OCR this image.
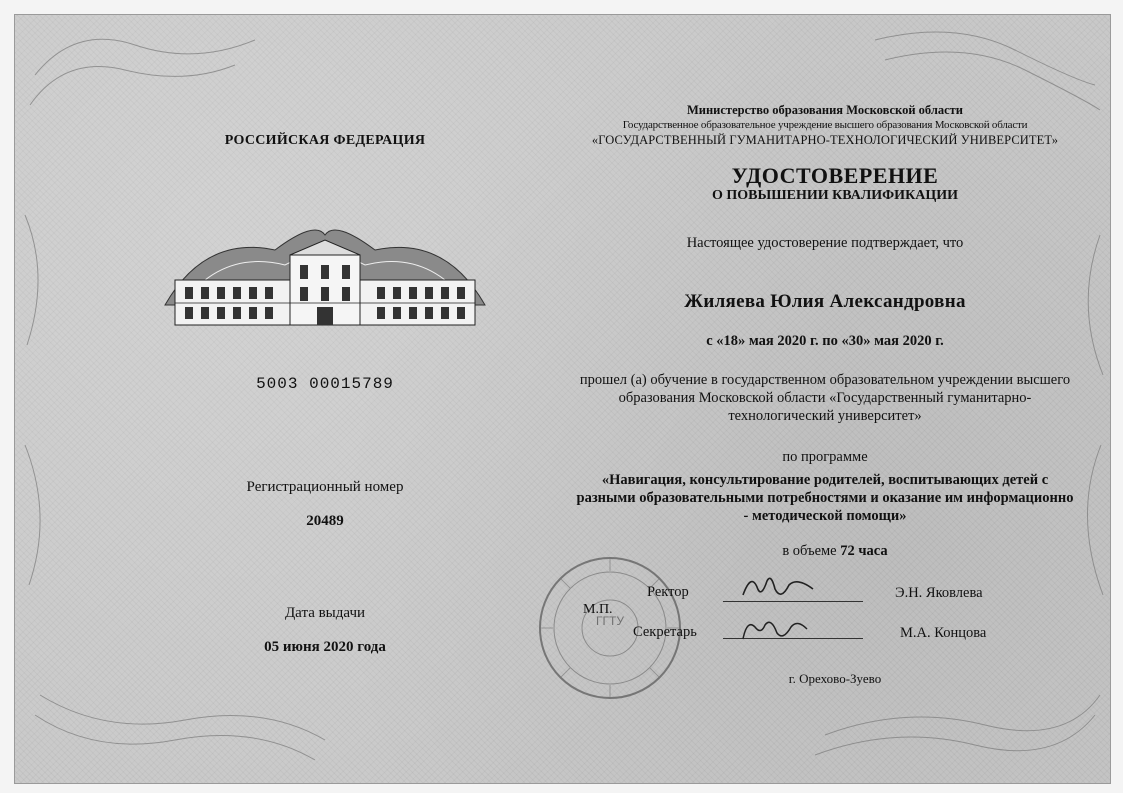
РОССИЙСКАЯ ФЕДЕРАЦИЯ
5003 00015789
Регистрационный номер
20489
Дата выдачи
05 июня 2020 года
Министерство образования Московской области
Государственное образовательное учреждение высшего образования Московской области
«ГОСУДАРСТВЕННЫЙ ГУМАНИТАРНО-ТЕХНОЛОГИЧЕСКИЙ УНИВЕРСИТЕТ»
УДОСТОВЕРЕНИЕ
О ПОВЫШЕНИИ КВАЛИФИКАЦИИ
Настоящее удостоверение подтверждает, что
Жиляева Юлия Александровна
с «18» мая 2020 г. по «30» мая 2020 г.
прошел (а) обучение в государственном образовательном учреждении высшего образования Московской области «Государственный гуманитарно-технологический университет»
по программе
«Навигация, консультирование родителей, воспитывающих детей с разными образовательными потребностями и оказание им информационно - методической помощи»
в объеме 72 часа
ГГТУ
М.П.
Ректор	Э.Н. Яковлева
Секретарь	М.А. Концова
г. Орехово-Зуево
